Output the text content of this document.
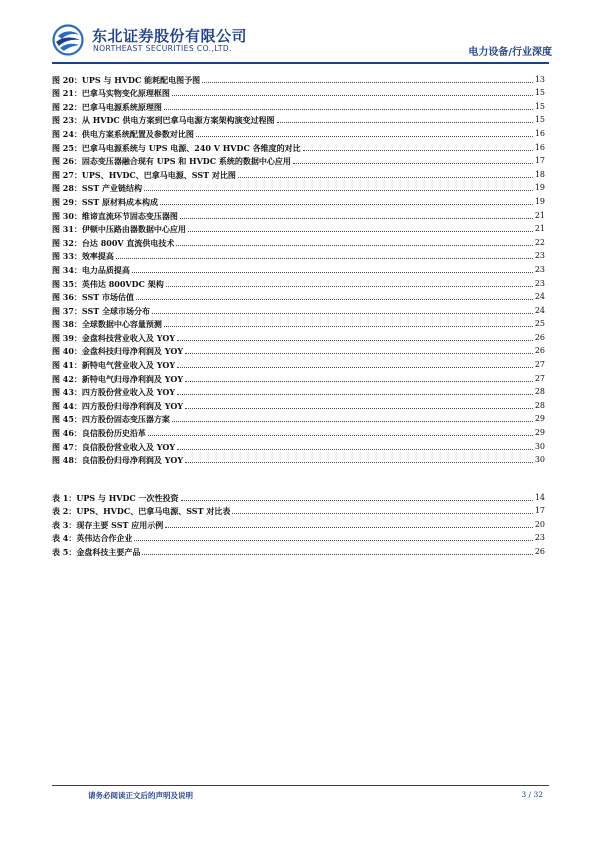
东北证券股份有限公司
NORTHEAST SECURITIES CO.,LTD.	电力设备/行业深度
图 20： UPS 与 HVDC 能耗配电图予图	13
图 21： 巴拿马实物变化原理框图	15
图 22： 巴拿马电源系统原理图	15
图 23： 从 HVDC 供电方案到巴拿马电源方案架构演变过程图	15
图 24： 供电方案系统配置及参数对比图	16
图 25： 巴拿马电源系统与 UPS 电源、240 V HVDC 各维度的对比	16
图 26： 固态变压器融合现有 UPS 和 HVDC 系统的数据中心应用	17
图 27： UPS、HVDC、巴拿马电源、SST 对比图	18
图 28： SST 产业链结构	19
图 29： SST 原材料成本构成	19
图 30： 维谛直流环节固态变压器图	21
图 31： 伊顿中压路由器数据中心应用	21
图 32： 台达 800V 直流供电技术	22
图 33： 效率提高	23
图 34： 电力品质提高	23
图 35： 英伟达 800VDC 架构	23
图 36： SST 市场估值	24
图 37： SST 全球市场分布	24
图 38： 全球数据中心容量预测	25
图 39： 金盘科技营业收入及 YOY	26
图 40： 金盘科技归母净利润及 YOY	26
图 41： 新特电气营业收入及 YOY	27
图 42： 新特电气归母净利润及 YOY	27
图 43： 四方股份营业收入及 YOY	28
图 44： 四方股份归母净利润及 YOY	28
图 45： 四方股份固态变压器方案	29
图 46： 良信股份历史沿革	29
图 47： 良信股份营业收入及 YOY	30
图 48： 良信股份归母净利润及 YOY	30
表 1： UPS 与 HVDC 一次性投资	14
表 2： UPS、HVDC、巴拿马电源、SST 对比表	17
表 3： 现存主要 SST 应用示例	20
表 4： 英伟达合作企业	23
表 5： 金盘科技主要产品	26
请务必阅读正文后的声明及说明	3 / 32
